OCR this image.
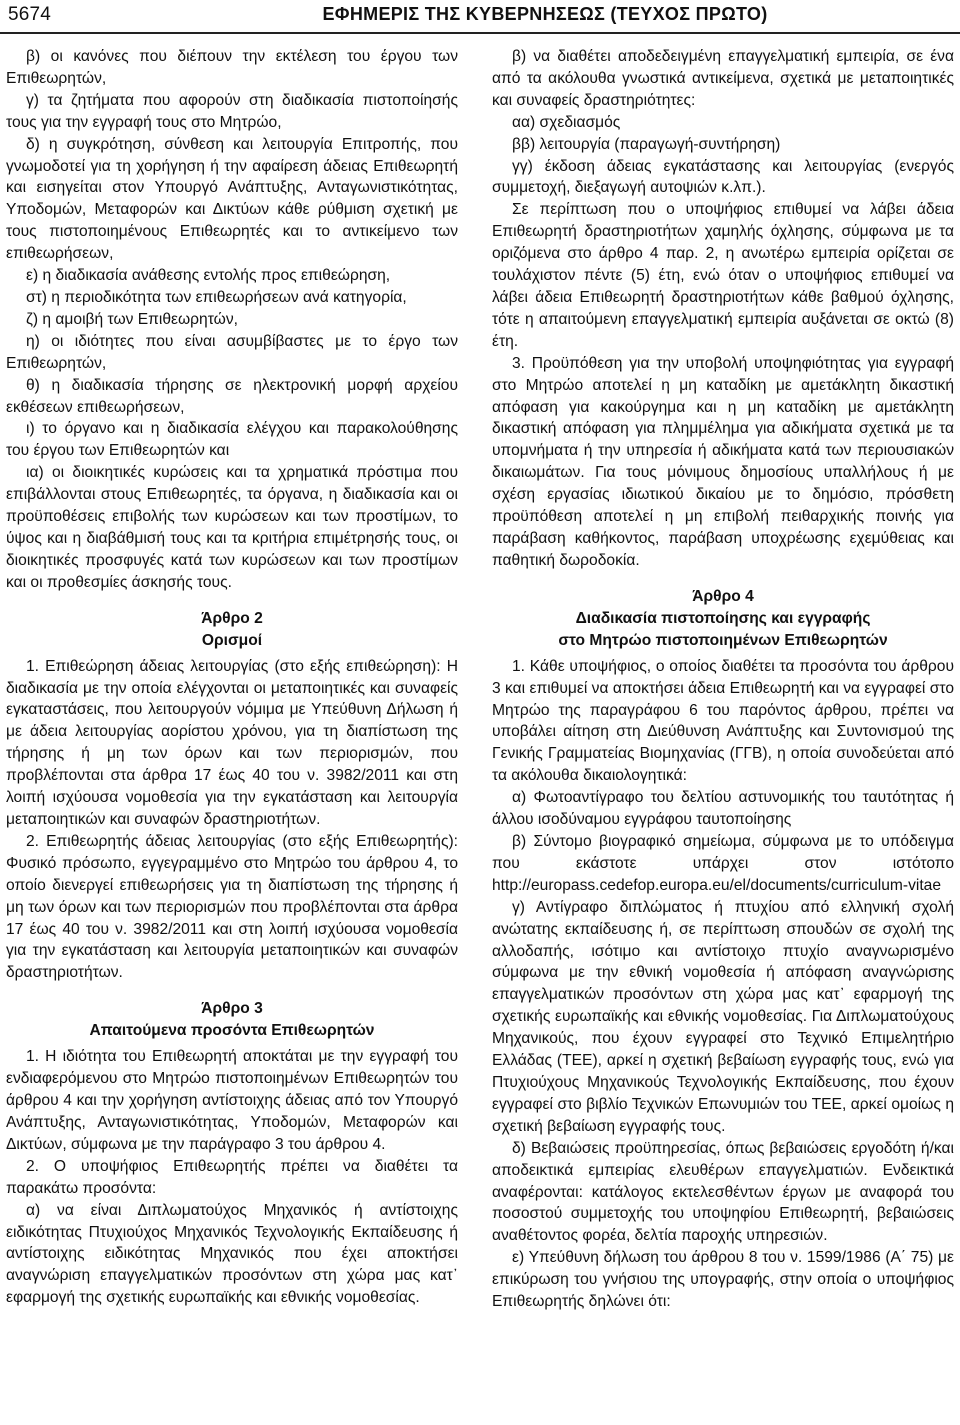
5674	ΕΦΗΜΕΡΙΣ ΤΗΣ ΚΥΒΕΡΝΗΣΕΩΣ (ΤΕΥΧΟΣ ΠΡΩΤΟ)

β) οι κανόνες που διέπουν την εκτέλεση του έργου των Επιθεωρητών,

γ) τα ζητήματα που αφορούν στη διαδικασία πιστοποίησής τους για την εγγραφή τους στο Μητρώο,

δ) η συγκρότηση, σύνθεση και λειτουργία Επιτροπής, που γνωμοδοτεί για τη χορήγηση ή την αφαίρεση άδειας Επιθεωρητή και εισηγείται στον Υπουργό Ανάπτυξης, Ανταγωνιστικότητας, Υποδομών, Μεταφορών και Δικτύων κάθε ρύθμιση σχετική με τους πιστοποιημένους Επιθεωρητές και το αντικείμενο των επιθεωρήσεων,

ε) η διαδικασία ανάθεσης εντολής προς επιθεώρηση,

στ) η περιοδικότητα των επιθεωρήσεων ανά κατηγορία,

ζ) η αμοιβή των Επιθεωρητών,

η) οι ιδιότητες που είναι ασυμβίβαστες με το έργο των Επιθεωρητών,

θ) η διαδικασία τήρησης σε ηλεκτρονική μορφή αρχείου εκθέσεων επιθεωρήσεων,

ι) το όργανο και η διαδικασία ελέγχου και παρακολούθησης του έργου των Επιθεωρητών και

ια) οι διοικητικές κυρώσεις και τα χρηματικά πρόστιμα που επιβάλλονται στους Επιθεωρητές, τα όργανα, η διαδικασία και οι προϋποθέσεις επιβολής των κυρώσεων και των προστίμων, το ύψος και η διαβάθμισή τους και τα κριτήρια επιμέτρησής τους, οι διοικητικές προσφυγές κατά των κυρώσεων και των προστίμων και οι προθεσμίες άσκησής τους.

Άρθρο 2
Ορισμοί

1. Επιθεώρηση άδειας λειτουργίας (στο εξής επιθεώρηση): Η διαδικασία με την οποία ελέγχονται οι μεταποιητικές και συναφείς εγκαταστάσεις, που λειτουργούν νόμιμα με Υπεύθυνη Δήλωση ή με άδεια λειτουργίας αορίστου χρόνου, για τη διαπίστωση της τήρησης ή μη των όρων και των περιορισμών, που προβλέπονται στα άρθρα 17 έως 40 του ν. 3982/2011 και στη λοιπή ισχύουσα νομοθεσία για την εγκατάσταση και λειτουργία μεταποιητικών και συναφών δραστηριοτήτων.

2. Επιθεωρητής άδειας λειτουργίας (στο εξής Επιθεωρητής): Φυσικό πρόσωπο, εγγεγραμμένο στο Μητρώο του άρθρου 4, το οποίο διενεργεί επιθεωρήσεις για τη διαπίστωση της τήρησης ή μη των όρων και των περιορισμών που προβλέπονται στα άρθρα 17 έως 40 του ν. 3982/2011 και στη λοιπή ισχύουσα νομοθεσία για την εγκατάσταση και λειτουργία μεταποιητικών και συναφών δραστηριοτήτων.

Άρθρο 3
Απαιτούμενα προσόντα Επιθεωρητών

1. Η ιδιότητα του Επιθεωρητή αποκτάται με την εγγραφή του ενδιαφερόμενου στο Μητρώο πιστοποιημένων Επιθεωρητών του άρθρου 4 και την χορήγηση αντίστοιχης άδειας από τον Υπουργό Ανάπτυξης, Ανταγωνιστικότητας, Υποδομών, Μεταφορών και Δικτύων, σύμφωνα με την παράγραφο 3 του άρθρου 4.

2. Ο υποψήφιος Επιθεωρητής πρέπει να διαθέτει τα παρακάτω προσόντα:

α) να είναι Διπλωματούχος Μηχανικός ή αντίστοιχης ειδικότητας Πτυχιούχος Μηχανικός Τεχνολογικής Εκπαίδευσης ή αντίστοιχης ειδικότητας Μηχανικός που έχει αποκτήσει αναγνώριση επαγγελματικών προσόντων στη χώρα μας κατ᾽ εφαρμογή της σχετικής ευρωπαϊκής και εθνικής νομοθεσίας.

β) να διαθέτει αποδεδειγμένη επαγγελματική εμπειρία, σε ένα από τα ακόλουθα γνωστικά αντικείμενα, σχετικά με μεταποιητικές και συναφείς δραστηριότητες:

αα) σχεδιασμός

ββ) λειτουργία (παραγωγή-συντήρηση)

γγ) έκδοση άδειας εγκατάστασης και λειτουργίας (ενεργός συμμετοχή, διεξαγωγή αυτοψιών κ.λπ.).

Σε περίπτωση που ο υποψήφιος επιθυμεί να λάβει άδεια Επιθεωρητή δραστηριοτήτων χαμηλής όχλησης, σύμφωνα με τα οριζόμενα στο άρθρο 4 παρ. 2, η ανωτέρω εμπειρία ορίζεται σε τουλάχιστον πέντε (5) έτη, ενώ όταν ο υποψήφιος επιθυμεί να λάβει άδεια Επιθεωρητή δραστηριοτήτων κάθε βαθμού όχλησης, τότε η απαιτούμενη επαγγελματική εμπειρία αυξάνεται σε οκτώ (8) έτη.

3. Προϋπόθεση για την υποβολή υποψηφιότητας για εγγραφή στο Μητρώο αποτελεί η μη καταδίκη με αμετάκλητη δικαστική απόφαση για κακούργημα και η μη καταδίκη με αμετάκλητη δικαστική απόφαση για πλημμέλημα για αδικήματα σχετικά με τα υπομνήματα ή την υπηρεσία ή αδικήματα κατά των περιουσιακών δικαιωμάτων. Για τους μόνιμους δημοσίους υπαλλήλους ή με σχέση εργασίας ιδιωτικού δικαίου με το δημόσιο, πρόσθετη προϋπόθεση αποτελεί η μη επιβολή πειθαρχικής ποινής για παράβαση καθήκοντος, παράβαση υποχρέωσης εχεμύθειας και παθητική δωροδοκία.

Άρθρο 4
Διαδικασία πιστοποίησης και εγγραφής
στο Μητρώο πιστοποιημένων Επιθεωρητών

1. Κάθε υποψήφιος, ο οποίος διαθέτει τα προσόντα του άρθρου 3 και επιθυμεί να αποκτήσει άδεια Επιθεωρητή και να εγγραφεί στο Μητρώο της παραγράφου 6 του παρόντος άρθρου, πρέπει να υποβάλει αίτηση στη Διεύθυνση Ανάπτυξης και Συντονισμού της Γενικής Γραμματείας Βιομηχανίας (ΓΓΒ), η οποία συνοδεύεται από τα ακόλουθα δικαιολογητικά:

α) Φωτοαντίγραφο του δελτίου αστυνομικής του ταυτότητας ή άλλου ισοδύναμου εγγράφου ταυτοποίησης

β) Σύντομο βιογραφικό σημείωμα, σύμφωνα με το υπόδειγμα που εκάστοτε υπάρχει στον ιστότοπο http://europass.cedefop.europa.eu/el/documents/curriculum-vitae

γ) Αντίγραφο διπλώματος ή πτυχίου από ελληνική σχολή ανώτατης εκπαίδευσης ή, σε περίπτωση σπουδών σε σχολή της αλλοδαπής, ισότιμο και αντίστοιχο πτυχίο αναγνωρισμένο σύμφωνα με την εθνική νομοθεσία ή απόφαση αναγνώρισης επαγγελματικών προσόντων στη χώρα μας κατ᾽ εφαρμογή της σχετικής ευρωπαϊκής και εθνικής νομοθεσίας. Για Διπλωματούχους Μηχανικούς, που έχουν εγγραφεί στο Τεχνικό Επιμελητήριο Ελλάδας (ΤΕΕ), αρκεί η σχετική βεβαίωση εγγραφής τους, ενώ για Πτυχιούχους Μηχανικούς Τεχνολογικής Εκπαίδευσης, που έχουν εγγραφεί στο βιβλίο Τεχνικών Επωνυμιών του ΤΕΕ, αρκεί ομοίως η σχετική βεβαίωση εγγραφής τους.

δ) Βεβαιώσεις προϋπηρεσίας, όπως βεβαιώσεις εργοδότη ή/και αποδεικτικά εμπειρίας ελευθέρων επαγγελματιών. Ενδεικτικά αναφέρονται: κατάλογος εκτελεσθέντων έργων με αναφορά του ποσοστού συμμετοχής του υποψηφίου Επιθεωρητή, βεβαιώσεις αναθέτοντος φορέα, δελτία παροχής υπηρεσιών.

ε) Υπεύθυνη δήλωση του άρθρου 8 του ν. 1599/1986 (Α΄ 75) με επικύρωση του γνήσιου της υπογραφής, στην οποία ο υποψήφιος Επιθεωρητής δηλώνει ότι:
